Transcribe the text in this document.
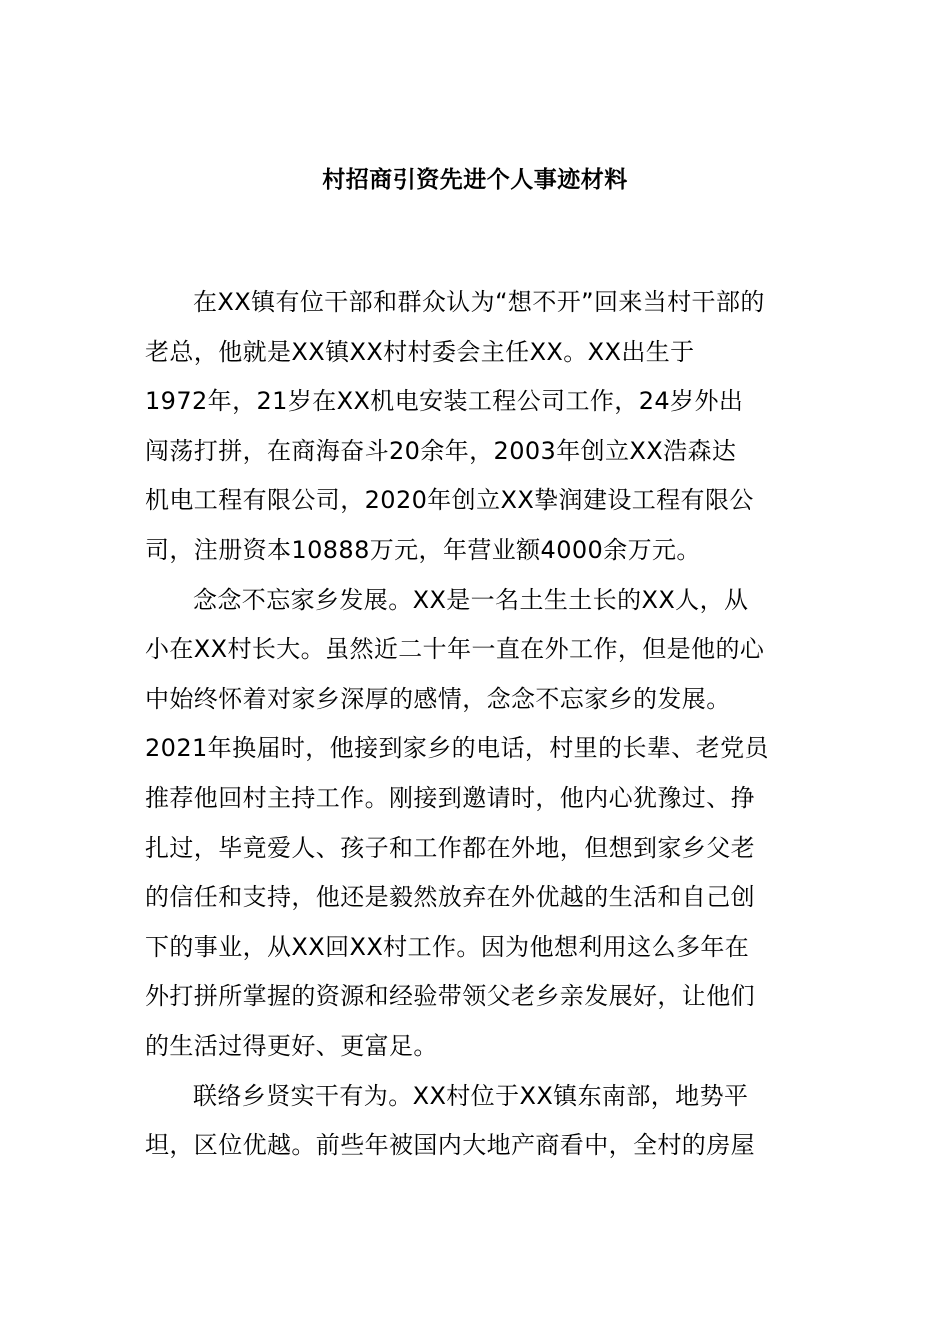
村招商引资先进个人事迹材料
在XX镇有位干部和群众认为“想不开”回来当村干部的
老总，他就是XX镇XX村村委会主任XX。XX出生于
1972年，21岁在XX机电安装工程公司工作，24岁外出
闯荡打拼，在商海奋斗20余年，2003年创立XX浩森达
机电工程有限公司，2020年创立XX挚润建设工程有限公
司，注册资本10888万元，年营业额4000余万元。
念念不忘家乡发展。XX是一名土生土长的XX人，从
小在XX村长大。虽然近二十年一直在外工作，但是他的心
中始终怀着对家乡深厚的感情，念念不忘家乡的发展。
2021年换届时，他接到家乡的电话，村里的长辈、老党员
推荐他回村主持工作。刚接到邀请时，他内心犹豫过、挣
扎过，毕竟爱人、孩子和工作都在外地，但想到家乡父老
的信任和支持，他还是毅然放弃在外优越的生活和自己创
下的事业，从XX回XX村工作。因为他想利用这么多年在
外打拼所掌握的资源和经验带领父老乡亲发展好，让他们
的生活过得更好、更富足。
联络乡贤实干有为。XX村位于XX镇东南部，地势平
坦，区位优越。前些年被国内大地产商看中，全村的房屋
